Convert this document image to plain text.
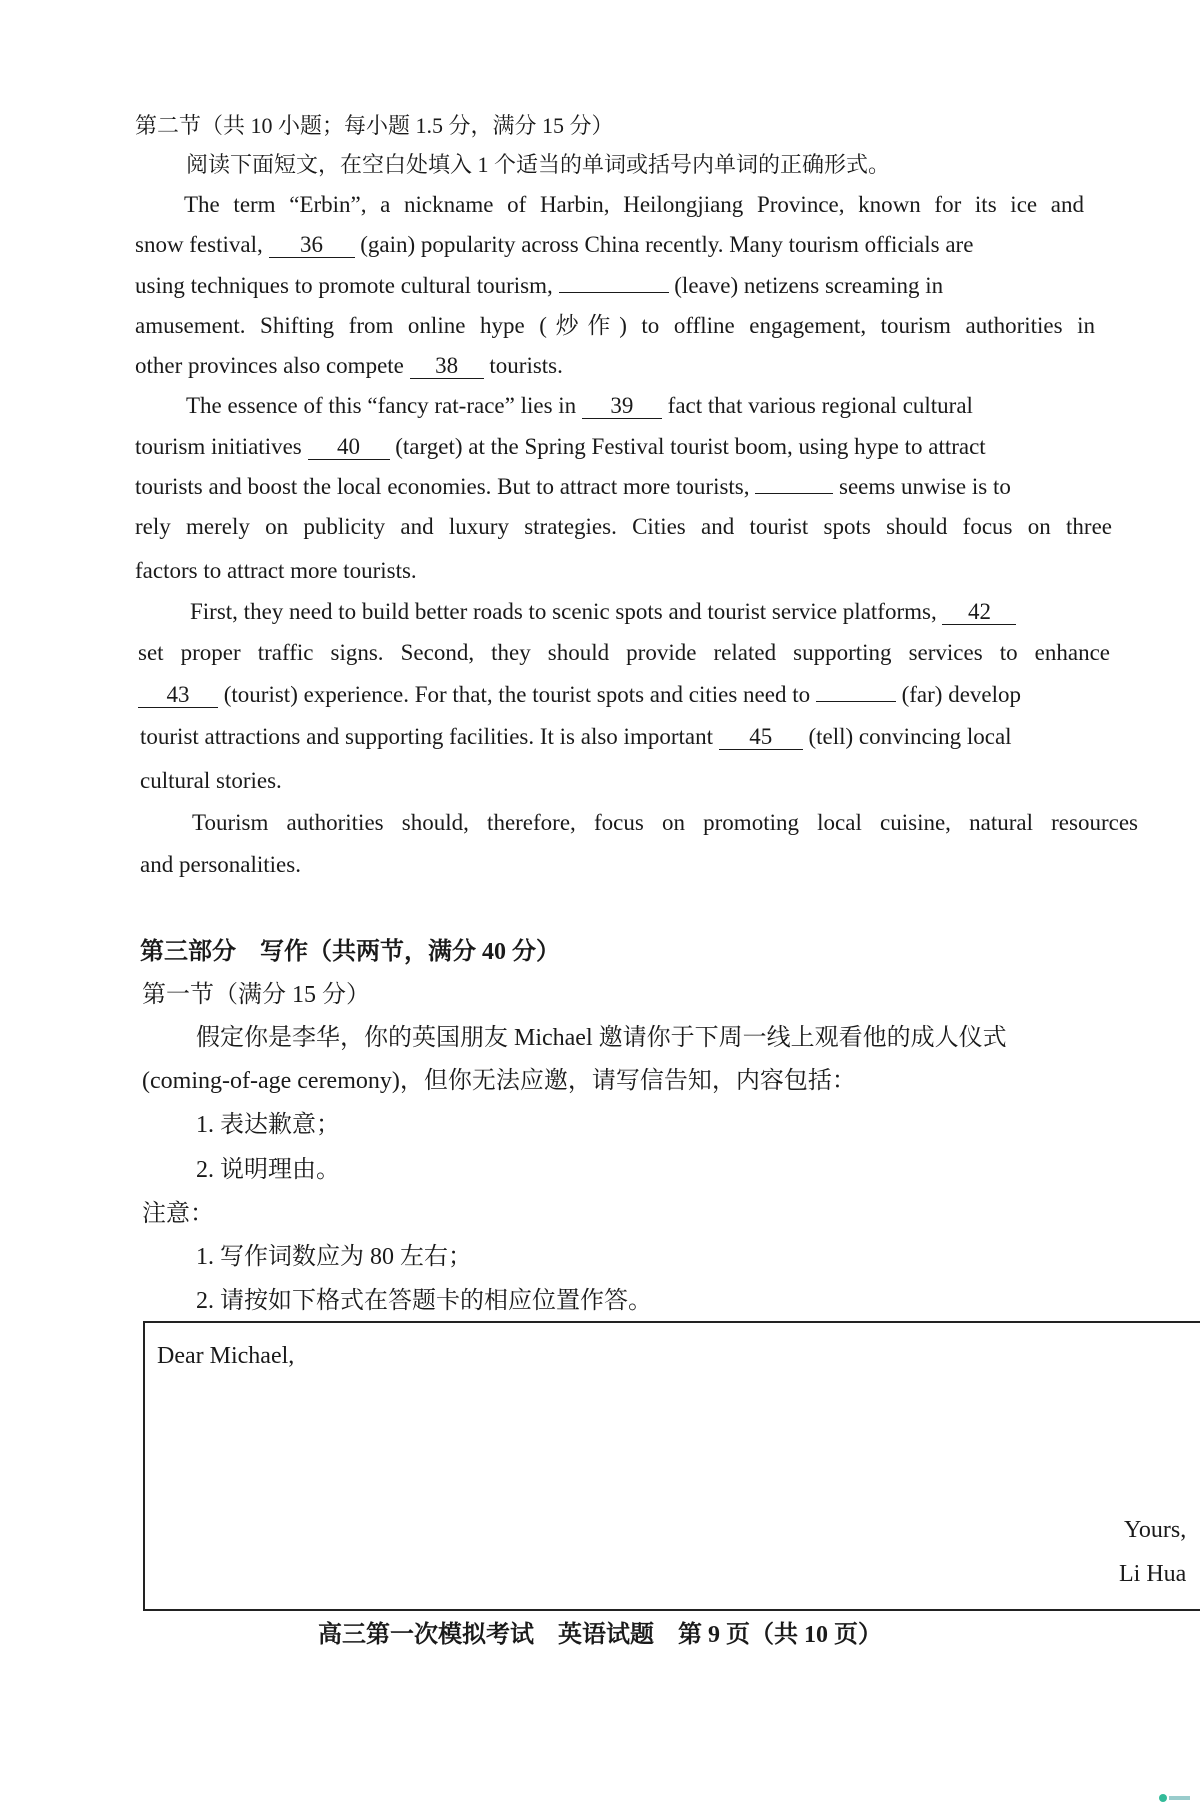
第二节（共 10 小题；每小题 1.5 分，满分 15 分）
阅读下面短文，在空白处填入 1 个适当的单词或括号内单词的正确形式。
The term “Erbin”, a nickname of Harbin, Heilongjiang Province, known for its ice and
snow festival, 36 (gain) popularity across China recently. Many tourism officials are
using techniques to promote cultural tourism,	(leave) netizens screaming in
amusement. Shifting from online hype (炒作) to offline engagement, tourism authorities in
other provinces also compete 38 tourists.
The essence of this “fancy rat-race” lies in 39 fact that various regional cultural
tourism initiatives 40 (target) at the Spring Festival tourist boom, using hype to attract
tourists and boost the local economies. But to attract more tourists,	seems unwise is to
rely merely on publicity and luxury strategies. Cities and tourist spots should focus on three
factors to attract more tourists.
First, they need to build better roads to scenic spots and tourist service platforms, 42
set proper traffic signs. Second, they should provide related supporting services to enhance
43 (tourist) experience. For that, the tourist spots and cities need to	(far) develop
tourist attractions and supporting facilities. It is also important 45 (tell) convincing local
cultural stories.
Tourism authorities should, therefore, focus on promoting local cuisine, natural resources
and personalities.
第三部分　写作（共两节，满分 40 分）
第一节（满分 15 分）
假定你是李华，你的英国朋友 Michael 邀请你于下周一线上观看他的成人仪式
(coming-of-age ceremony)，但你无法应邀，请写信告知，内容包括：
1. 表达歉意；
2. 说明理由。
注意：
1. 写作词数应为 80 左右；
2. 请按如下格式在答题卡的相应位置作答。
Dear Michael,
Yours,
Li Hua
高三第一次模拟考试　英语试题　第 9 页（共 10 页）
